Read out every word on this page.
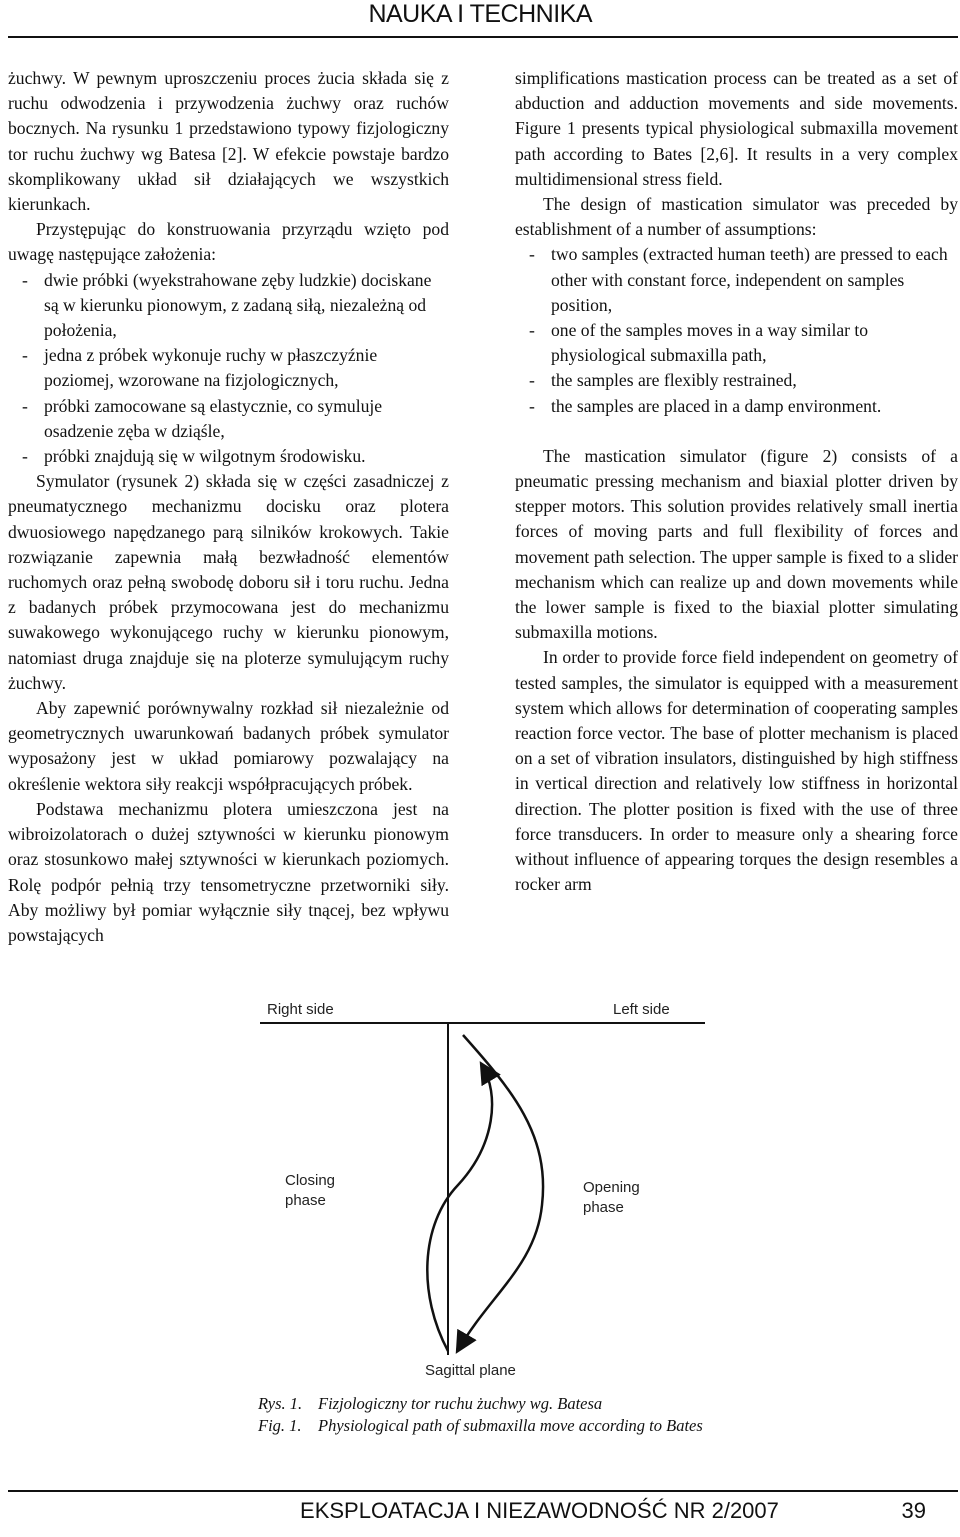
NAUKA I TECHNIKA

żuchwy. W pewnym uproszczeniu proces żucia składa się z ruchu odwodzenia i przywodzenia żuchwy oraz ruchów bocznych. Na rysunku 1 przedstawiono typowy fizjologiczny tor ruchu żuchwy wg Batesa [2]. W efekcie powstaje bardzo skomplikowany układ sił działających we wszystkich kierunkach.

Przystępując do konstruowania przyrządu wzięto pod uwagę następujące założenia:

- dwie próbki (wyekstrahowane zęby ludzkie) dociskane są w kierunku pionowym, z zadaną siłą, niezależną od położenia,
- jedna z próbek wykonuje ruchy w płaszczyźnie poziomej, wzorowane na fizjologicznych,
- próbki zamocowane są elastycznie, co symuluje osadzenie zęba w dziąśle,
- próbki znajdują się w wilgotnym środowisku.

Symulator (rysunek 2) składa się w części zasadniczej z pneumatycznego mechanizmu docisku oraz plotera dwuosiowego napędzanego parą silników krokowych. Takie rozwiązanie zapewnia małą bezwładność elementów ruchomych oraz pełną swobodę doboru sił i toru ruchu. Jedna z badanych próbek przymocowana jest do mechanizmu suwakowego wykonującego ruchy w kierunku pionowym, natomiast druga znajduje się na ploterze symulującym ruchy żuchwy.

Aby zapewnić porównywalny rozkład sił niezależnie od geometrycznych uwarunkowań badanych próbek symulator wyposażony jest w układ pomiarowy pozwalający na określenie wektora siły reakcji współpracujących próbek.

Podstawa mechanizmu plotera umieszczona jest na wibroizolatorach o dużej sztywności w kierunku pionowym oraz stosunkowo małej sztywności w kierunkach poziomych. Rolę podpór pełnią trzy tensometryczne przetworniki siły. Aby możliwy był pomiar wyłącznie siły tnącej, bez wpływu powstających

simplifications mastication process can be treated as a set of abduction and adduction movements and side movements. Figure 1 presents typical physiological submaxilla movement path according to Bates [2,6]. It results in a very complex multidimensional stress field.

The design of mastication simulator was preceded by establishment of a number of assumptions:

- two samples (extracted human teeth) are pressed to each other with constant force, independent on samples position,
- one of the samples moves in a way similar to physiological submaxilla path,
- the samples are flexibly restrained,
- the samples are placed in a damp environment.

The mastication simulator (figure 2) consists of a pneumatic pressing mechanism and biaxial plotter driven by stepper motors. This solution provides relatively small inertia forces of moving parts and full flexibility of forces and movement path selection. The upper sample is fixed to a slider mechanism which can realize up and down movements while the lower sample is fixed to the biaxial plotter simulating submaxilla motions.

In order to provide force field independent on geometry of tested samples, the simulator is equipped with a measurement system which allows for determination of cooperating samples reaction force vector. The base of plotter mechanism is placed on a set of vibration insulators, distinguished by high stiffness in vertical direction and relatively low stiffness in horizontal direction. The plotter position is fixed with the use of three force transducers. In order to measure only a shearing force without influence of appearing torques the design resembles a rocker arm

Right side	Left side
Closing
phase
Opening
phase
Sagittal plane
Rys. 1. Fizjologiczny tor ruchu żuchwy wg. Batesa
Fig. 1. Physiological path of submaxilla move according to Bates
EKSPLOATACJA I NIEZAWODNOŚĆ NR 2/2007	39
